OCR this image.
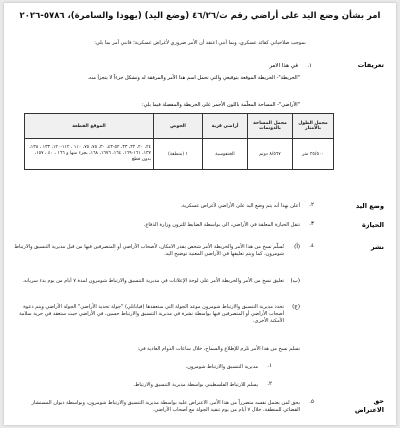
امر بشأن وضع اليد على أراضي رقم ت/٤٦/٢٦ (وضع اليد) (يهودا والسامرة)، ٥٧٨٦-٢٠٢٦
بموجب صلاحياتي كقائد عسكري، وبما أنني اعتقد أن الأمر ضروري لأغراض عسكرية؛ فانني آمر بما يلي:
تعريفات
١.
في هذا الامر
"الخريطة"- الخريطة الموقعة بتوقيعي والتي تحمل اسم هذا الأمر والمرفقة له وتشكل جزءاً لا يتجزأ منه.
"الأراضي"- المساحة المعلّمة باللون الأحمر على الخريطة والمفصلة فيما يلي:
مجمل الطول بالأمتار	مجمل المساحة بالدونمات	أراضي قرية	الحوض	الموقع القطعة
٢٥/٥٠٠ متر	٨/٥٦٧ دونم	الخنفوسية	١ (منطقة)	٢٤، ٢٠، ٣٢، ٣٣، ٥٢-٤٣، ٣٠، ٧٥، ٧٥، ١١٠ ، ١١٢-١٢٠، ١٣٣ ، ١٣٨، ١٣٧، ١٦١-١٦٩، ١٦٤، ١٦٧٦، ١٦٨، بجزء منها و ١٦٦ ، ٤٠ ، ١٥٧، بدون قطع
وضع اليد
٢.
أعلن بهذا أنه يتم وضع اليد على الأراضي لأغراض عسكرية.
الحيازة
٣.
تنقل الحيازة المعلقة في الأراضي، الى بواسطة الضابط للترون وزارة الدفاع.
نشر
٤.
(أ)
تُسلّم نسخ من هذا الأمر والخريطة الأمر شخص بقدر الامكان، لأصحاب الأراضي أو المتصرفين فيها من قبل مديرية التنسيق والارتباط شومرون، كما ويتم تعليقها في الأراضي المعنية توضيح اليد.
(ب)
تعليق نسخ من الأمر والخريطة الأمر على لوحة الإعلانات في مديرية التنسيق والارتباط شومرون لمدة ٧ أيام من يوم بدء سريانه.
(ج)
تحدد مديرية التنسيق والارتباط شومرون موعد الجولة التي ستعقدها (قيابانلي) "جولة تحديد الأراضي" الجولة الأراضي ويتم دعوة أصحاب الأراضي أو المتصرفين فيها بواسطة نشرة في مديرية التنسيق والارتباط حسين، في الأراضي حيث ستعقد في حرية سلامة الأمكنة الأخرى.
تسلم نسخ من هذا الأمر تلزم للإطلاع والسماح، خلال ساعات الدوام العادية في:
١.
مديرية التنسيق والارتباط شومرون.
٢.
يسلم للارتباط الفلسطيني بواسطة مديرية التنسيق والارتباط.
حق الاعتراض
٥.
يحق لمن يعتمل نفسه متضرراً من هذا الأمر، الاعتراض عليه بواسطة مديرية التنسيق والارتباط شومرون، وبواسطة ديوان المستشار القضائي للمنطقة، خلال ٧ أيام من يوم تنفيذ الجولة مع أصحاب الأراضي.
